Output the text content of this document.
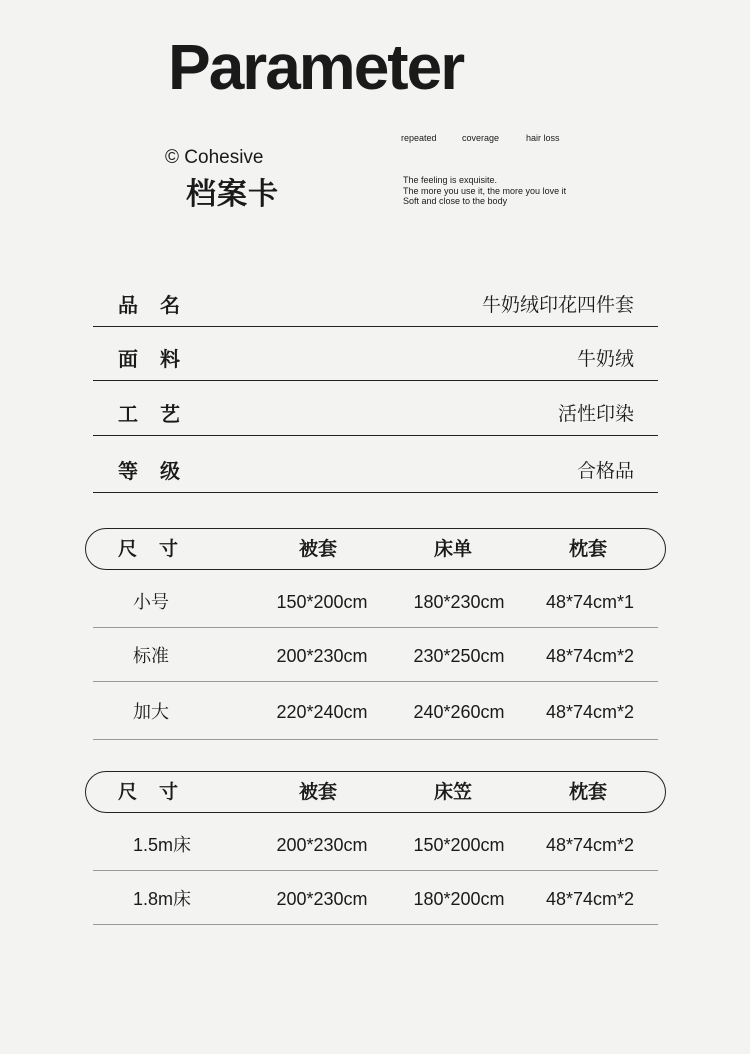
Parameter
© Cohesive
档案卡
repeated	coverage	hair loss
The feeling is exquisite.
The more you use it, the more you love it
Soft and close to the body
品名	牛奶绒印花四件套
面料	牛奶绒
工艺	活性印染
等级	合格品
尺寸	被套	床单	枕套
小号	150*200cm	180*230cm 48*74cm*1
标准	200*230cm	230*250cm 48*74cm*2
加大	220*240cm	240*260cm 48*74cm*2
尺寸	被套	床笠	枕套
1.5m床	200*230cm	150*200cm 48*74cm*2
1.8m床	200*230cm	180*200cm 48*74cm*2
